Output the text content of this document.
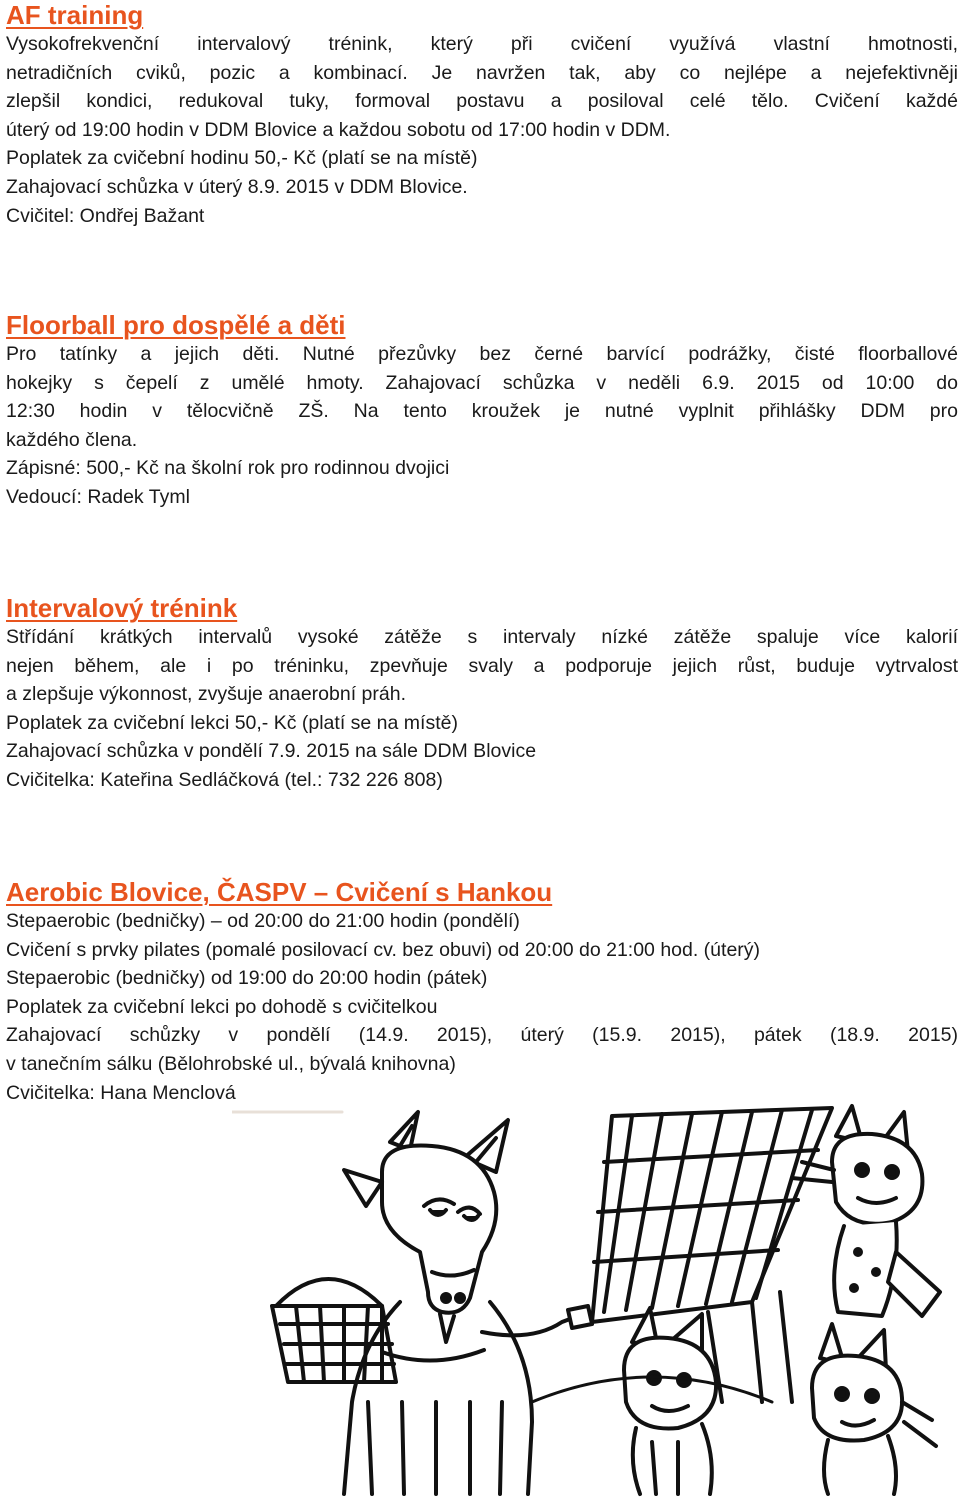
AF training

Vysokofrekvenční intervalový trénink, který při cvičení využívá vlastní hmotnosti,

netradičních cviků, pozic a kombinací. Je navržen tak, aby co nejlépe a nejefektivněji

zlepšil kondici, redukoval tuky, formoval postavu a posiloval celé tělo. Cvičení každé

úterý od 19:00 hodin v DDM Blovice a každou sobotu od 17:00 hodin v DDM.

Poplatek za cvičební hodinu 50,- Kč (platí se na místě)

Zahajovací schůzka v úterý 8.9. 2015 v DDM Blovice.

Cvičitel: Ondřej Bažant

Floorball pro dospělé a děti

Pro tatínky a jejich děti. Nutné přezůvky bez černé barvící podrážky, čisté floorballové

hokejky s čepelí z umělé hmoty. Zahajovací schůzka v neděli 6.9. 2015 od 10:00 do

12:30 hodin v tělocvičně ZŠ. Na tento kroužek je nutné vyplnit přihlášky DDM pro

každého člena.

Zápisné: 500,- Kč na školní rok pro rodinnou dvojici

Vedoucí: Radek Tyml

Intervalový trénink

Střídání krátkých intervalů vysoké zátěže s intervaly nízké zátěže spaluje více kalorií

nejen během, ale i po tréninku, zpevňuje svaly a podporuje jejich růst, buduje vytrvalost

a zlepšuje výkonnost, zvyšuje anaerobní práh.

Poplatek za cvičební lekci 50,- Kč (platí se na místě)

Zahajovací schůzka v pondělí 7.9. 2015 na sále DDM Blovice

Cvičitelka: Kateřina Sedláčková (tel.: 732 226 808)

Aerobic Blovice, ČASPV – Cvičení s Hankou

Stepaerobic (bedničky) – od 20:00 do 21:00 hodin (pondělí)

Cvičení s prvky pilates (pomalé posilovací cv. bez obuvi) od 20:00 do 21:00 hod. (úterý)

Stepaerobic (bedničky) od 19:00 do 20:00 hodin (pátek)

Poplatek za cvičební lekci po dohodě s cvičitelkou

Zahajovací schůzky v pondělí (14.9. 2015), úterý (15.9. 2015), pátek (18.9. 2015)

v tanečním sálku (Bělohrobské ul., bývalá knihovna)

Cvičitelka: Hana Menclová
